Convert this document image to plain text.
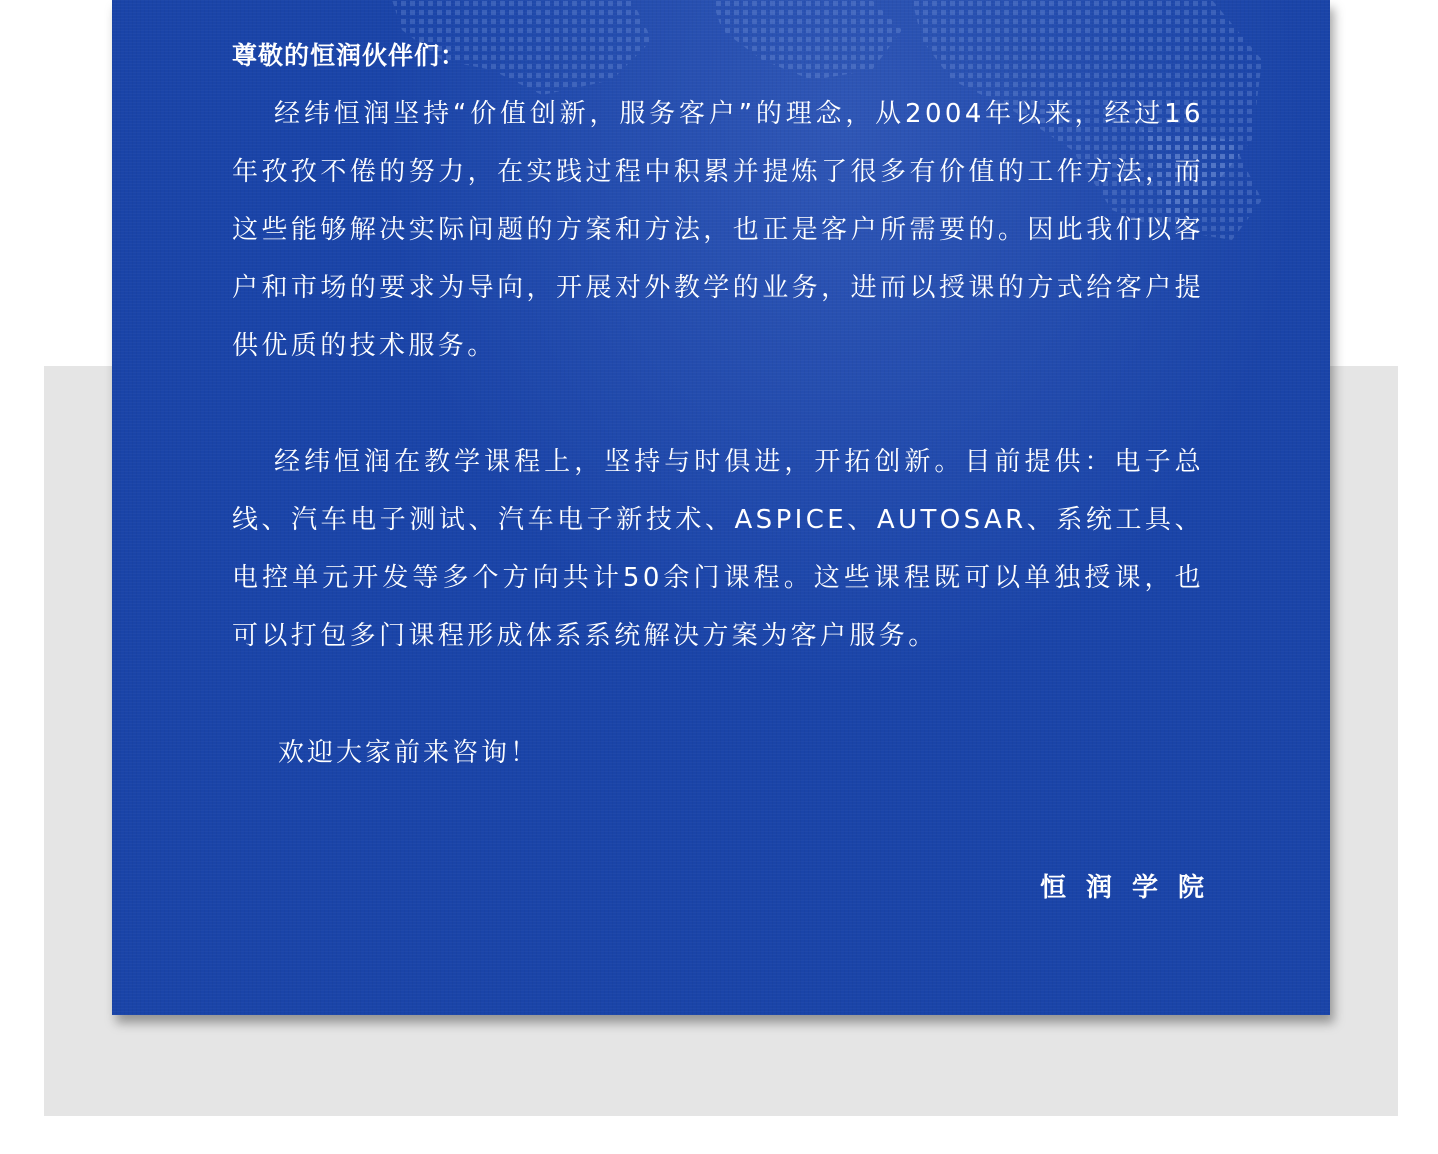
尊敬的恒润伙伴们：

经纬恒润坚持“价值创新，服务客户”的理念，从2004年以来，经过16年孜孜不倦的努力，在实践过程中积累并提炼了很多有价值的工作方法，而这些能够解决实际问题的方案和方法，也正是客户所需要的。因此我们以客户和市场的要求为导向，开展对外教学的业务，进而以授课的方式给客户提供优质的技术服务。

经纬恒润在教学课程上，坚持与时俱进，开拓创新。目前提供：电子总线、汽车电子测试、汽车电子新技术、ASPICE、AUTOSAR、系统工具、电控单元开发等多个方向共计50余门课程。这些课程既可以单独授课，也可以打包多门课程形成体系系统解决方案为客户服务。

欢迎大家前来咨询！
恒润学院
